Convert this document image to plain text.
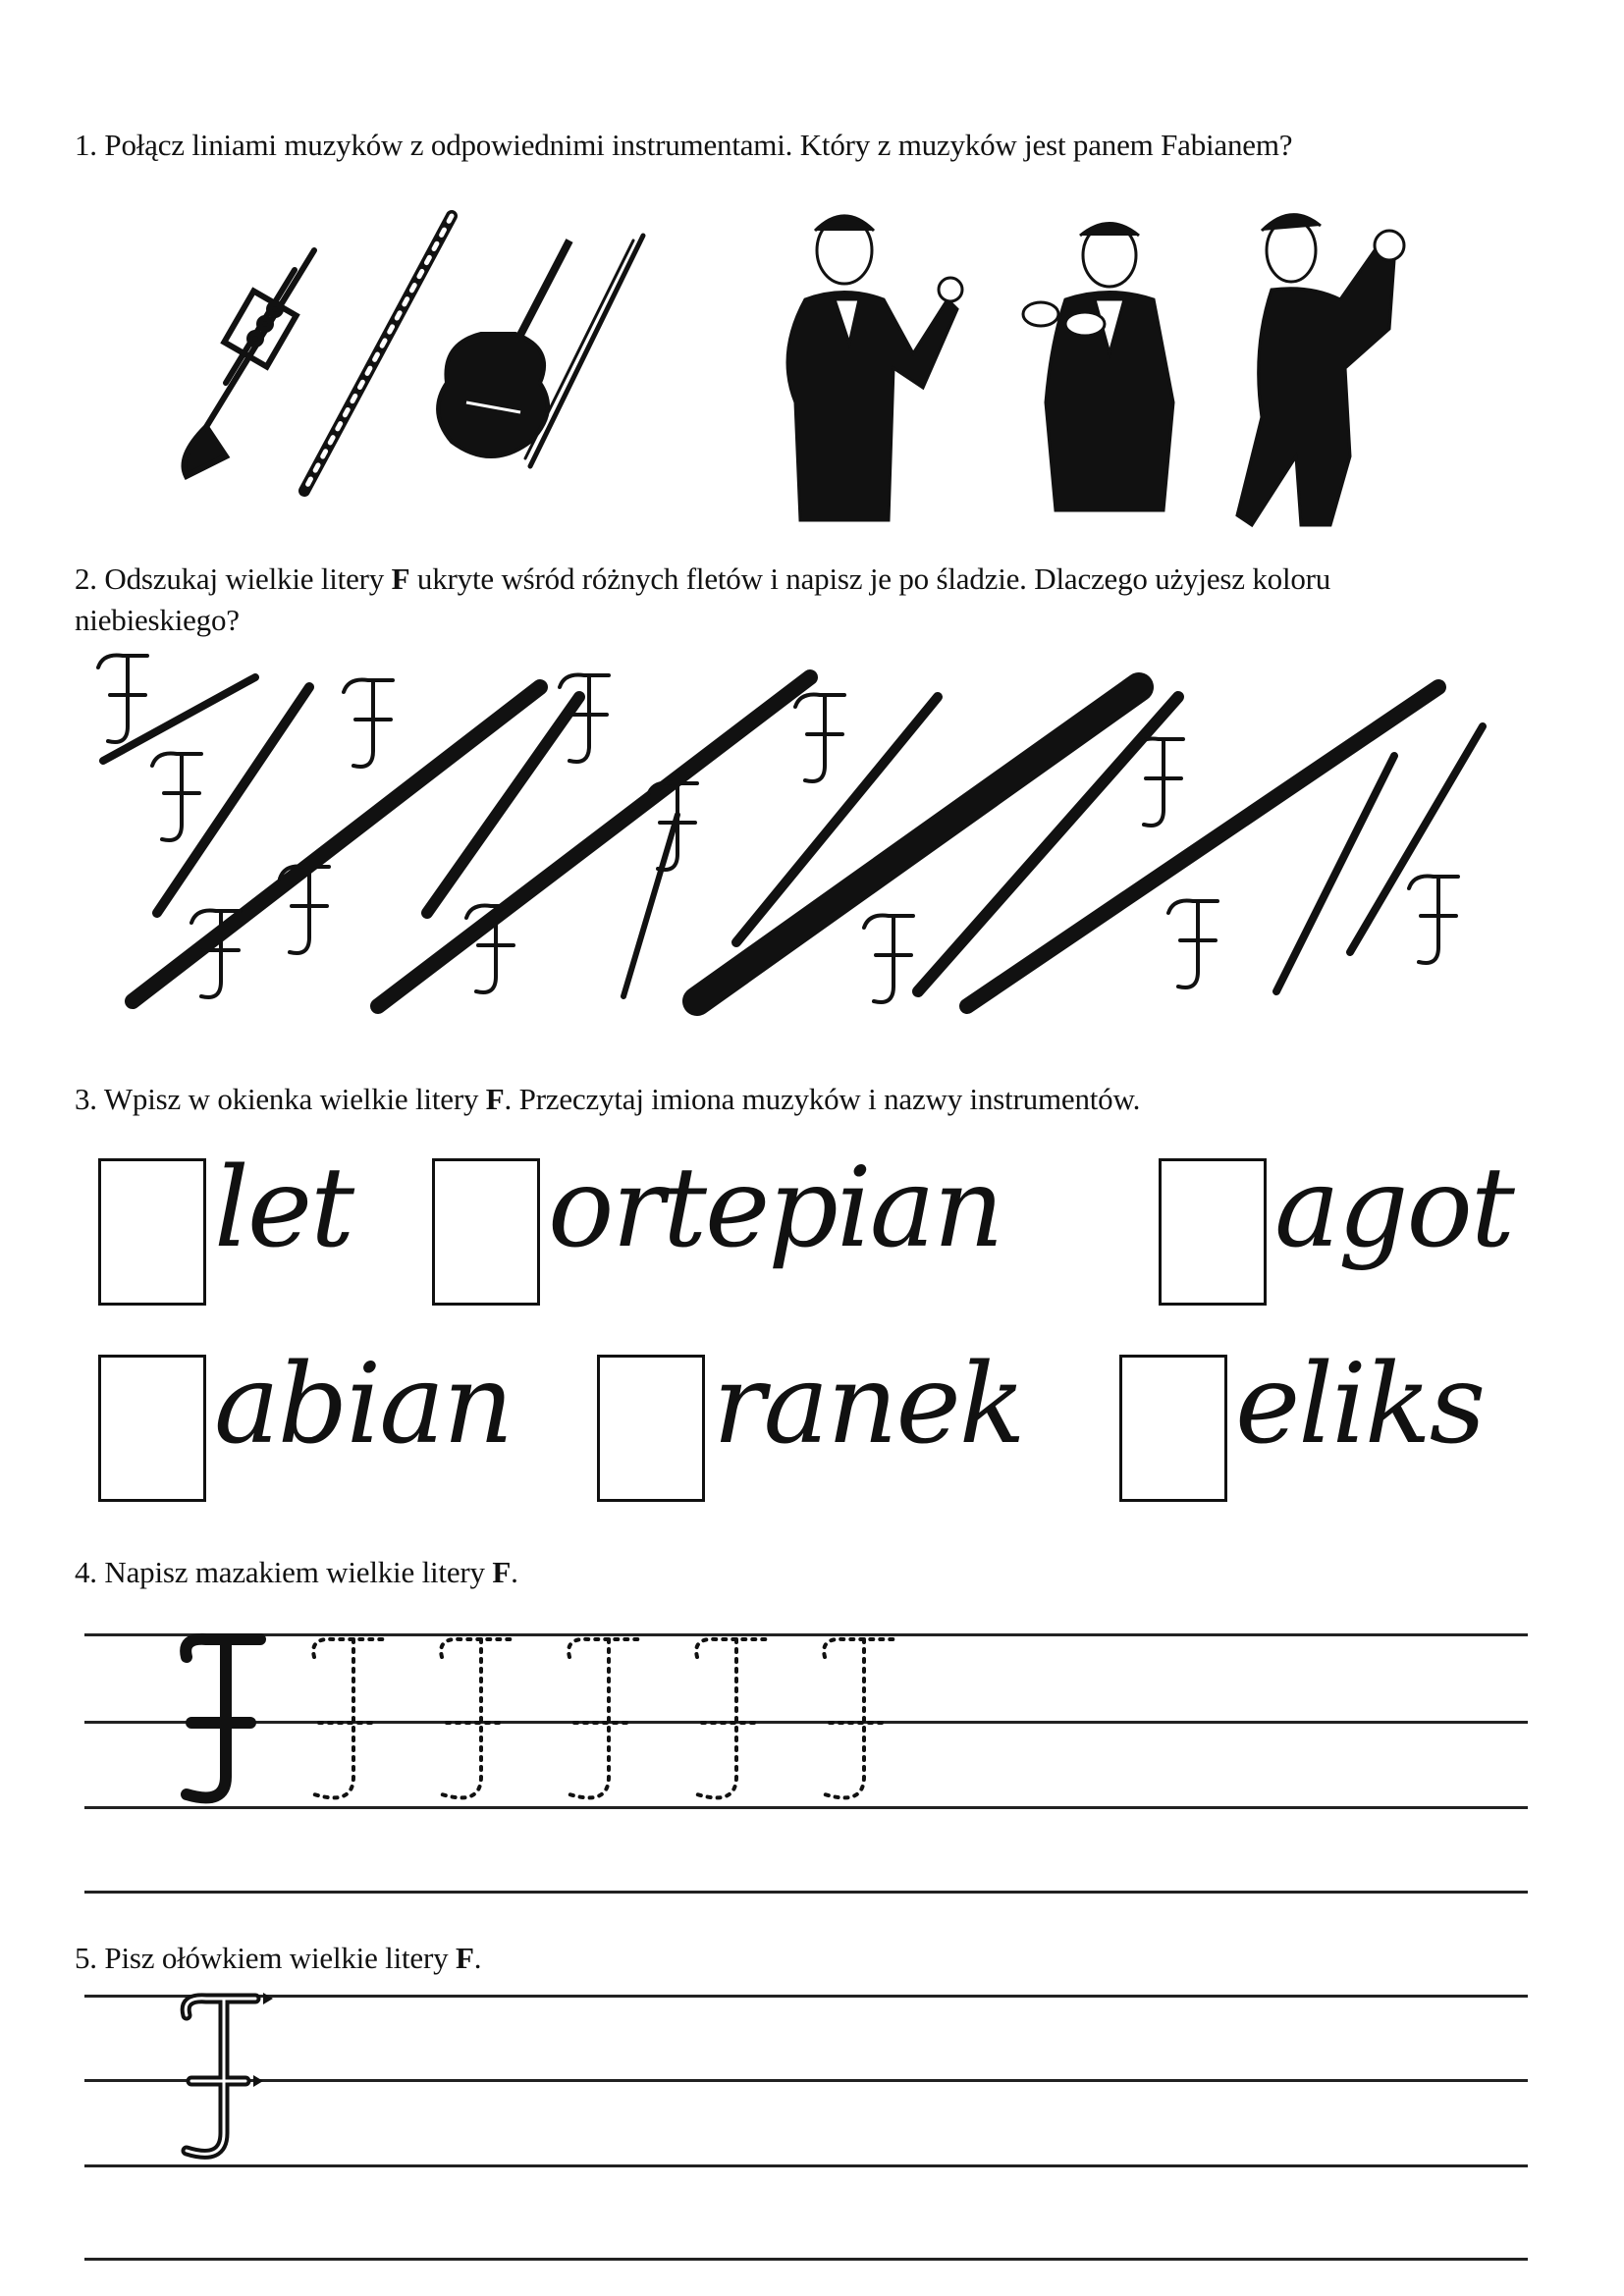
1. Połącz liniami muzyków z odpowiednimi instrumentami. Który z muzyków jest panem Fabianem?
2. Odszukaj wielkie litery F ukryte wśród różnych fletów i napisz je po śladzie. Dlaczego użyjesz koloru
niebieskiego?
3. Wpisz w okienka wielkie litery F. Przeczytaj imiona muzyków i nazwy instrumentów.
let ortepian agot
abian ranek eliks
4. Napisz mazakiem wielkie litery F.
5. Pisz ołówkiem wielkie litery F.
